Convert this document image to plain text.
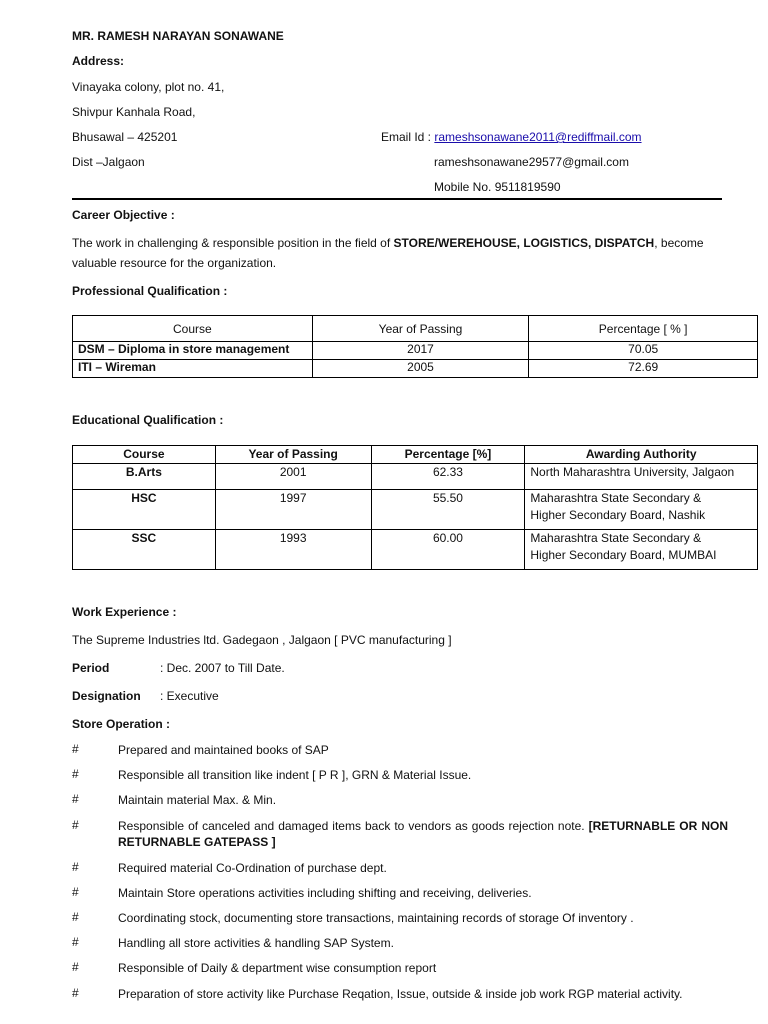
MR. RAMESH NARAYAN SONAWANE
Address:
Vinayaka colony, plot no. 41,
Shivpur Kanhala Road,
Bhusawal – 425201
Dist –Jalgaon
Email Id : rameshsonawane2011@rediffmail.com
rameshsonawane29577@gmail.com
Mobile No. 9511819590
Career Objective :
The work in challenging & responsible position in the field of STORE/WEREHOUSE, LOGISTICS, DISPATCH, become
valuable resource for the organization.
Professional Qualification :
Course	Year of Passing	Percentage [ % ]
DSM – Diploma in store management	2017	70.05
ITI – Wireman	2005	72.69
Educational Qualification :
Course	Year of Passing	Percentage [%]	Awarding Authority
B.Arts	2001	62.33	North Maharashtra University, Jalgaon

HSC	1997	55.50	Maharashtra State Secondary &
Higher Secondary Board, Nashik

SSC	1993	60.00	Maharashtra State Secondary &
Higher Secondary Board, MUMBAI
Work Experience :
The Supreme Industries ltd. Gadegaon , Jalgaon [ PVC manufacturing ]
Period	: Dec. 2007 to Till Date.
Designation : Executive
Store Operation :
#	Prepared and maintained books of SAP
#	Responsible all transition like indent [ P R ], GRN & Material Issue.
#	Maintain material Max. & Min.
#	Responsible of canceled and damaged items back to vendors as goods rejection note. [RETURNABLE OR NON RETURNABLE GATEPASS ]
#	Required material Co-Ordination of purchase dept.
#	Maintain Store operations activities including shifting and receiving, deliveries.
#	Coordinating stock, documenting store transactions, maintaining records of storage Of inventory .
#	Handling all store activities & handling SAP System.
#	Responsible of Daily & department wise consumption report
#	Preparation of store activity like Purchase Reqation, Issue, outside & inside job work RGP material activity.
